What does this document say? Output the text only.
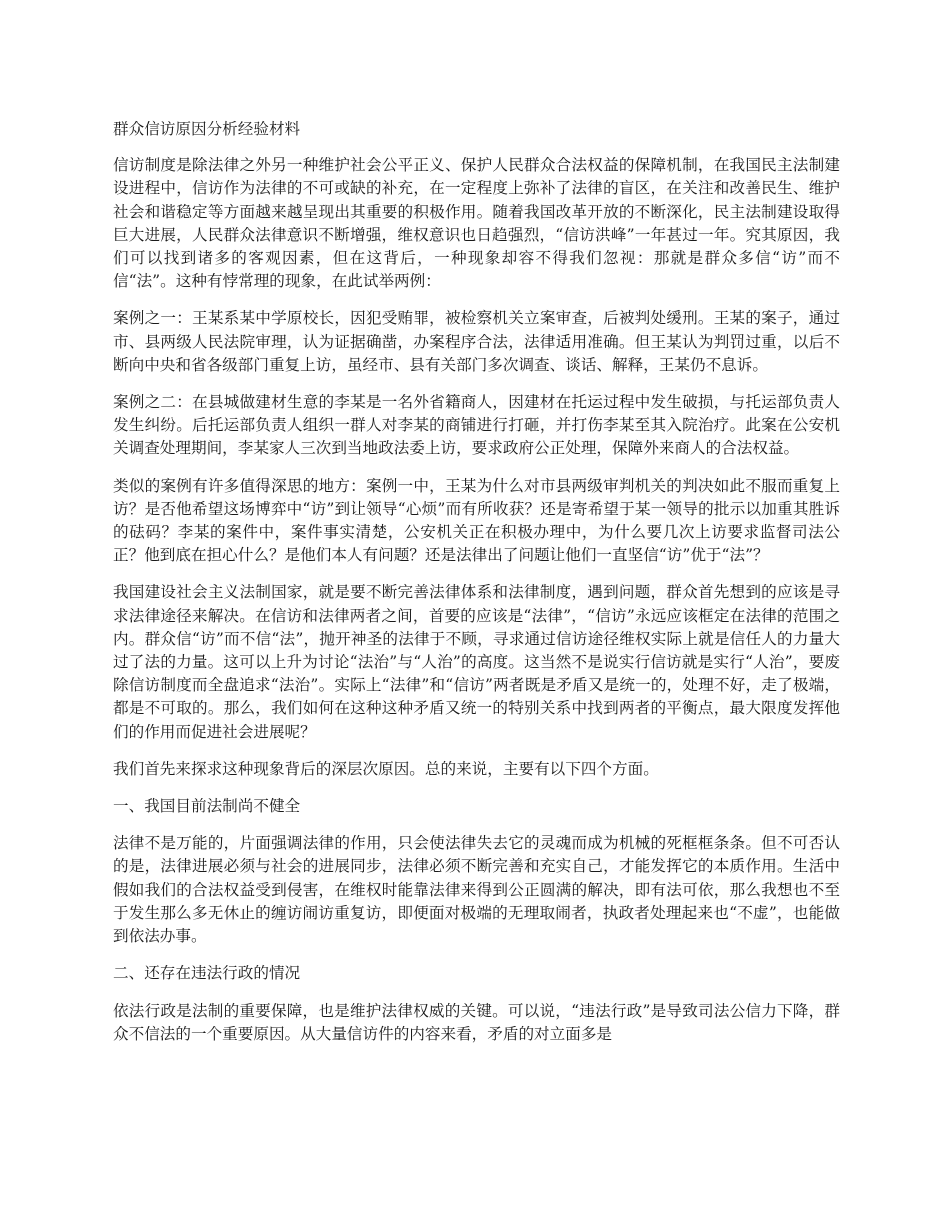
群众信访原因分析经验材料

信访制度是除法律之外另一种维护社会公平正义、保护人民群众合法权益的保障机制，在我国民主法制建设进程中，信访作为法律的不可或缺的补充，在一定程度上弥补了法律的盲区，在关注和改善民生、维护社会和谐稳定等方面越来越呈现出其重要的积极作用。随着我国改革开放的不断深化，民主法制建设取得巨大进展，人民群众法律意识不断增强，维权意识也日趋强烈，“信访洪峰”一年甚过一年。究其原因，我们可以找到诸多的客观因素，但在这背后，一种现象却容不得我们忽视：那就是群众多信“访”而不信“法”。这种有悖常理的现象，在此试举两例：

案例之一：王某系某中学原校长，因犯受贿罪，被检察机关立案审查，后被判处缓刑。王某的案子，通过市、县两级人民法院审理，认为证据确凿，办案程序合法，法律适用准确。但王某认为判罚过重，以后不断向中央和省各级部门重复上访，虽经市、县有关部门多次调查、谈话、解释，王某仍不息诉。

案例之二：在县城做建材生意的李某是一名外省籍商人，因建材在托运过程中发生破损，与托运部负责人发生纠纷。后托运部负责人组织一群人对李某的商铺进行打砸，并打伤李某至其入院治疗。此案在公安机关调查处理期间，李某家人三次到当地政法委上访，要求政府公正处理，保障外来商人的合法权益。

类似的案例有许多值得深思的地方：案例一中，王某为什么对市县两级审判机关的判决如此不服而重复上访？是否他希望这场博弈中“访”到让领导“心烦”而有所收获？还是寄希望于某一领导的批示以加重其胜诉的砝码？李某的案件中，案件事实清楚，公安机关正在积极办理中，为什么要几次上访要求监督司法公正？他到底在担心什么？是他们本人有问题？还是法律出了问题让他们一直坚信“访”优于“法”？

我国建设社会主义法制国家，就是要不断完善法律体系和法律制度，遇到问题，群众首先想到的应该是寻求法律途径来解决。在信访和法律两者之间，首要的应该是“法律”，“信访”永远应该框定在法律的范围之内。群众信“访”而不信“法”，抛开神圣的法律于不顾，寻求通过信访途径维权实际上就是信任人的力量大过了法的力量。这可以上升为讨论“法治”与“人治”的高度。这当然不是说实行信访就是实行“人治”，要废除信访制度而全盘追求“法治”。实际上“法律”和“信访”两者既是矛盾又是统一的，处理不好，走了极端，都是不可取的。那么，我们如何在这种这种矛盾又统一的特别关系中找到两者的平衡点，最大限度发挥他们的作用而促进社会进展呢？

我们首先来探求这种现象背后的深层次原因。总的来说，主要有以下四个方面。

一、我国目前法制尚不健全

法律不是万能的，片面强调法律的作用，只会使法律失去它的灵魂而成为机械的死框框条条。但不可否认的是，法律进展必须与社会的进展同步，法律必须不断完善和充实自己，才能发挥它的本质作用。生活中假如我们的合法权益受到侵害，在维权时能靠法律来得到公正圆满的解决，即有法可依，那么我想也不至于发生那么多无休止的缠访闹访重复访，即便面对极端的无理取闹者，执政者处理起来也“不虚”，也能做到依法办事。

二、还存在违法行政的情况

依法行政是法制的重要保障，也是维护法律权威的关键。可以说，“违法行政”是导致司法公信力下降，群众不信法的一个重要原因。从大量信访件的内容来看，矛盾的对立面多是
